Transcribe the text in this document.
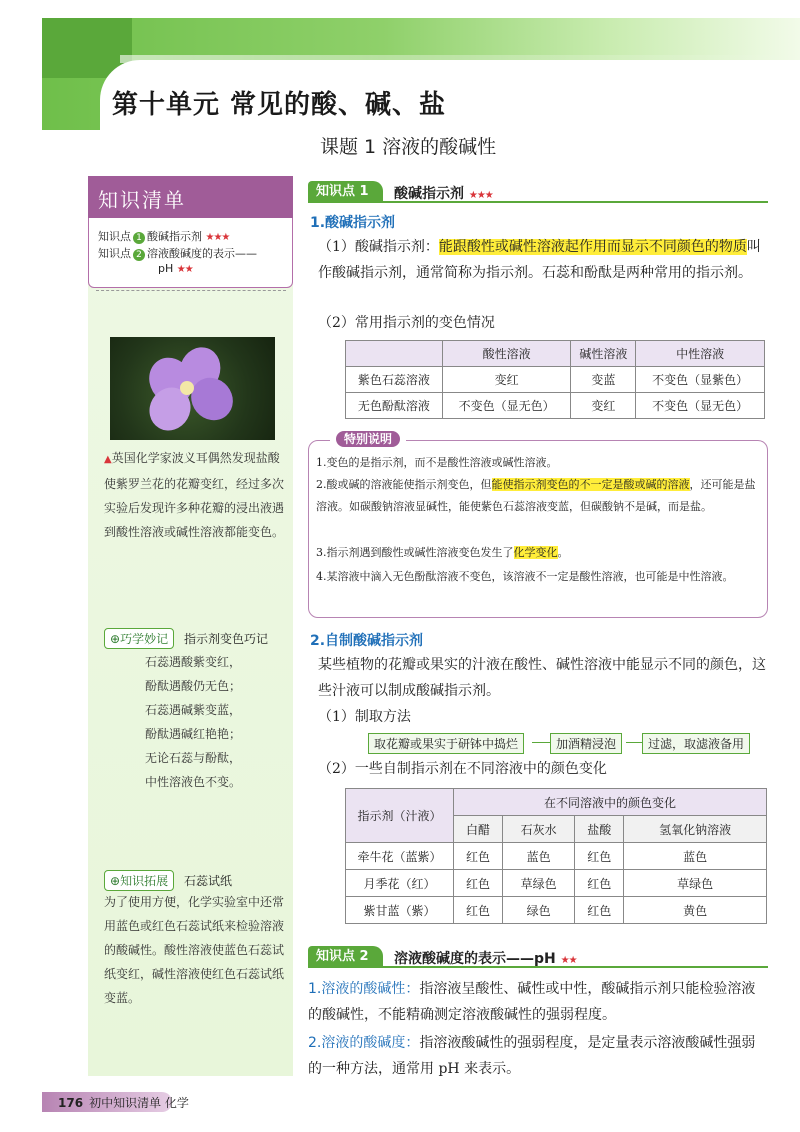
第十单元 常见的酸、碱、盐
课题 1 溶液的酸碱性
知识清单
知识点 1 酸碱指示剂 ★★★
知识点 2 溶液酸碱度的表示——
pH ★★
▲英国化学家波义耳偶然发现盐酸使紫罗兰花的花瓣变红，经过多次实验后发现许多种花瓣的浸出液遇到酸性溶液或碱性溶液都能变色。
⊕巧学妙记	指示剂变色巧记
石蕊遇酸紫变红，
酚酞遇酸仍无色；
石蕊遇碱紫变蓝，
酚酞遇碱红艳艳；
无论石蕊与酚酞，
中性溶液色不变。
⊕知识拓展	石蕊试纸
为了使用方便，化学实验室中还常用蓝色或红色石蕊试纸来检验溶液的酸碱性。酸性溶液使蓝色石蕊试纸变红，碱性溶液使红色石蕊试纸变蓝。
知识点 1	酸碱指示剂 ★★★
1.酸碱指示剂
（1）酸碱指示剂：能跟酸性或碱性溶液起作用而显示不同颜色的物质叫作酸碱指示剂，通常简称为指示剂。石蕊和酚酞是两种常用的指示剂。
（2）常用指示剂的变色情况
	酸性溶液	碱性溶液	中性溶液
紫色石蕊溶液	变红	变蓝	不变色（显紫色）
无色酚酞溶液	不变色（显无色）	变红	不变色（显无色）
特别说明
1.变色的是指示剂，而不是酸性溶液或碱性溶液。
2.酸或碱的溶液能使指示剂变色，但能使指示剂变色的不一定是酸或碱的溶液，还可能是盐溶液。如碳酸钠溶液显碱性，能使紫色石蕊溶液变蓝，但碳酸钠不是碱，而是盐。
3.指示剂遇到酸性或碱性溶液变色发生了化学变化。
4.某溶液中滴入无色酚酞溶液不变色，该溶液不一定是酸性溶液，也可能是中性溶液。
2.自制酸碱指示剂
某些植物的花瓣或果实的汁液在酸性、碱性溶液中能显示不同的颜色，这些汁液可以制成酸碱指示剂。
（1）制取方法
取花瓣或果实于研钵中捣烂	加酒精浸泡	过滤，取滤液备用
（2）一些自制指示剂在不同溶液中的颜色变化
指示剂（汁液）	在不同溶液中的颜色变化			
	白醋	石灰水	盐酸	氢氧化钠溶液
牵牛花（蓝紫）	红色	蓝色	红色	蓝色
月季花（红）	红色	草绿色	红色	草绿色
紫甘蓝（紫）	红色	绿色	红色	黄色
知识点 2	溶液酸碱度的表示——pH ★★
1.溶液的酸碱性：指溶液呈酸性、碱性或中性，酸碱指示剂只能检验溶液的酸碱性，不能精确测定溶液酸碱性的强弱程度。
2.溶液的酸碱度：指溶液酸碱性的强弱程度，是定量表示溶液酸碱性强弱的一种方法，通常用 pH 来表示。
176 初中知识清单 化学
